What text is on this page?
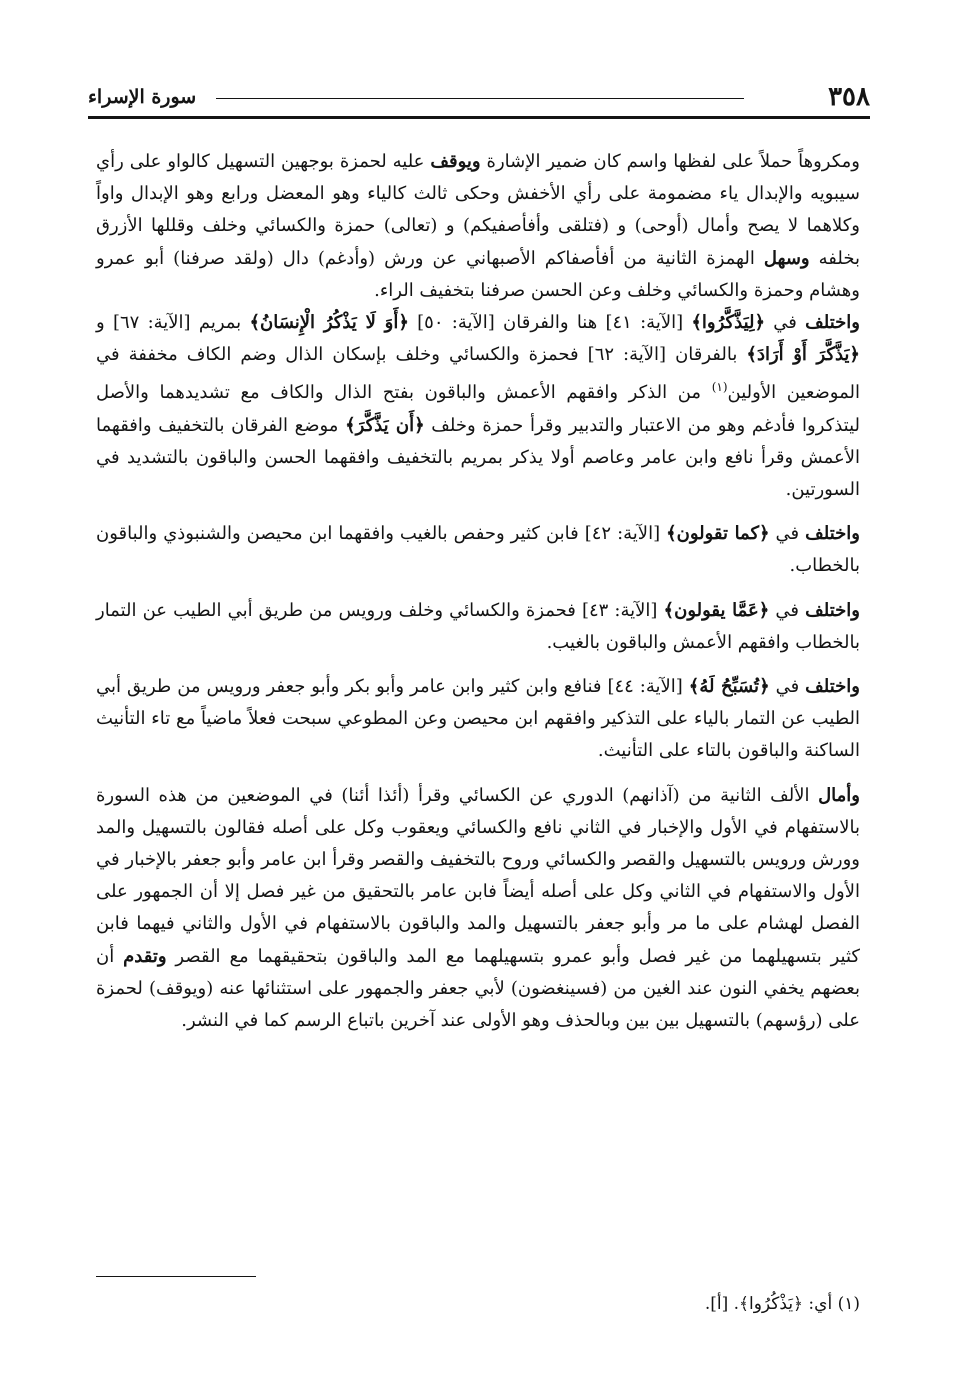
٣٥٨
سورة الإسراء

ومكروهاً حملاً على لفظها واسم كان ضمير الإشارة ويوقف عليه لحمزة بوجهين التسهيل كالواو على رأي سيبويه والإبدال ياء مضمومة على رأي الأخفش وحكى ثالث كالياء وهو المعضل ورابع وهو الإبدال واواً وكلاهما لا يصح وأمال (أوحى) و (فتلقى وأفأصفيكم) و (تعالى) حمزة والكسائي وخلف وقللها الأزرق بخلفه وسهل الهمزة الثانية من أفأصفاكم الأصبهاني عن ورش (وأدغم) دال (ولقد صرفنا) أبو عمرو وهشام وحمزة والكسائي وخلف وعن الحسن صرفنا بتخفيف الراء.

واختلف في ﴿لِيَذَّكَّرُوا﴾ [الآية: ٤١] هنا والفرقان [الآية: ٥٠] ﴿أَوَ لَا يَذْكُرُ الْإِنسَانُ﴾ بمريم [الآية: ٦٧] و ﴿يَذَّكَّرَ أَوْ أَرَادَ﴾ بالفرقان [الآية: ٦٢] فحمزة والكسائي وخلف بإسكان الذال وضم الكاف مخففة في الموضعين الأولين$^{(١)}$ من الذكر وافقهم الأعمش والباقون بفتح الذال والكاف مع تشديدهما والأصل ليتذكروا فأدغم وهو من الاعتبار والتدبير وقرأ حمزة وخلف ﴿أَن يَذَّكَّرَ﴾ موضع الفرقان بالتخفيف وافقهما الأعمش وقرأ نافع وابن عامر وعاصم أولا يذكر بمريم بالتخفيف وافقهما الحسن والباقون بالتشديد في السورتين.

واختلف في ﴿كما تقولون﴾ [الآية: ٤٢] فابن كثير وحفص بالغيب وافقهما ابن محيصن والشنبوذي والباقون بالخطاب.

واختلف في ﴿عَمَّا يقولون﴾ [الآية: ٤٣] فحمزة والكسائي وخلف ورويس من طريق أبي الطيب عن التمار بالخطاب وافقهم الأعمش والباقون بالغيب.

واختلف في ﴿تُسَبِّحُ لَهُ﴾ [الآية: ٤٤] فنافع وابن كثير وابن عامر وأبو بكر وأبو جعفر ورويس من طريق أبي الطيب عن التمار بالياء على التذكير وافقهم ابن محيصن وعن المطوعي سبحت فعلاً ماضياً مع تاء التأنيث الساكنة والباقون بالتاء على التأنيث.

وأمال الألف الثانية من (آذانهم) الدوري عن الكسائي وقرأ (أئذا أئنا) في الموضعين من هذه السورة بالاستفهام في الأول والإخبار في الثاني نافع والكسائي ويعقوب وكل على أصله فقالون بالتسهيل والمد وورش ورويس بالتسهيل والقصر والكسائي وروح بالتخفيف والقصر وقرأ ابن عامر وأبو جعفر بالإخبار في الأول والاستفهام في الثاني وكل على أصله أيضاً فابن عامر بالتحقيق من غير فصل إلا أن الجمهور على الفصل لهشام على ما مر وأبو جعفر بالتسهيل والمد والباقون بالاستفهام في الأول والثاني فيهما فابن كثير بتسهيلهما من غير فصل وأبو عمرو بتسهيلهما مع المد والباقون بتحقيقهما مع القصر وتقدم أن بعضهم يخفي النون عند الغين من (فسينغضون) لأبي جعفر والجمهور على استثنائها عنه (ويوقف) لحمزة على (رؤسهم) بالتسهيل بين بين وبالحذف وهو الأولى عند آخرين باتباع الرسم كما في النشر.

(١) أي: ﴿يَذْكُرُوا﴾. [أ].
